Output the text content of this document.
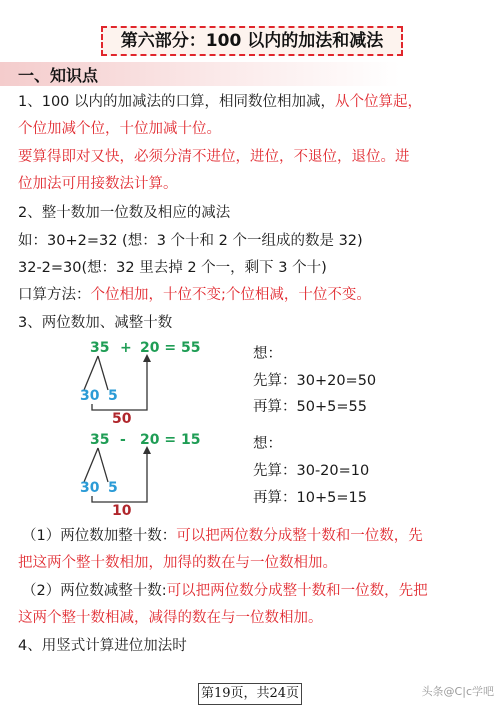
第六部分：100 以内的加法和减法
一、知识点
1、100 以内的加减法的口算，相同数位相加减，从个位算起，
个位加减个位，十位加减十位。
要算得即对又快，必须分清不进位，进位，不退位，退位。进
位加法可用接数法计算。
2、整十数加一位数及相应的减法
如：30+2=32 (想：3 个十和 2 个一组成的数是 32)
32-2=30(想：32 里去掉 2 个一，剩下 3 个十)
口算方法：个位相加，十位不变;个位相减，十位不变。
3、两位数加、减整十数
35 + 20 = 55
30 5
50
想：
先算：30+20=50
再算：50+5=55
35 - 20 = 15
30 5
10
想：
先算：30-20=10
再算：10+5=15
（1）两位数加整十数：可以把两位数分成整十数和一位数，先
把这两个整十数相加，加得的数在与一位数相加。
（2）两位数减整十数:可以把两位数分成整十数和一位数，先把
这两个整十数相减，减得的数在与一位数相加。
4、用竖式计算进位加法时
第19页，共24页	头条@C|c学吧
